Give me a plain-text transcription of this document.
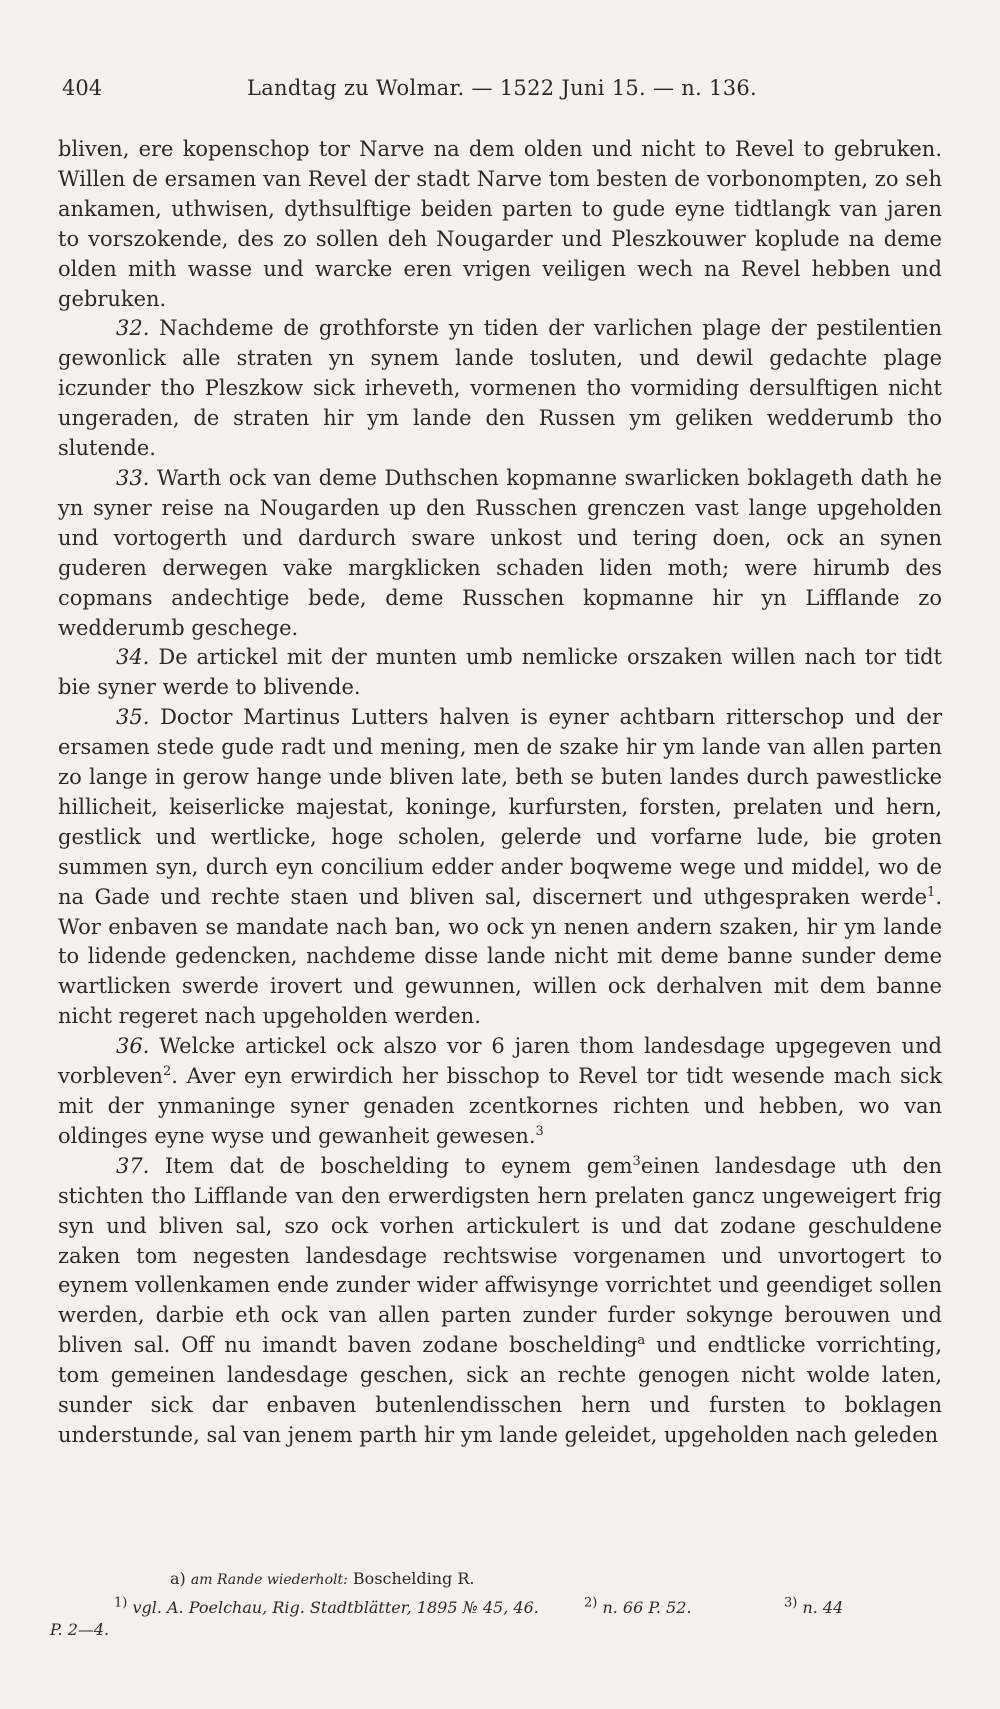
404	Landtag zu Wolmar. — 1522 Juni 15. — n. 136.

bliven, ere kopenschop tor Narve na dem olden und nicht to Revel to gebruken. Willen de ersamen van Revel der stadt Narve tom besten de vorbonompten, zo seh ankamen, uthwisen, dythsulftige beiden parten to gude eyne tidtlangk van jaren to vorszokende, des zo sollen deh Nougarder und Pleszkouwer koplude na deme olden mith wasse und warcke eren vrigen veiligen wech na Revel hebben und gebruken.

32. Nachdeme de grothforste yn tiden der varlichen plage der pestilentien gewonlick alle straten yn synem lande tosluten, und dewil gedachte plage iczunder tho Pleszkow sick irheveth, vormenen tho vormiding dersulftigen nicht ungeraden, de straten hir ym lande den Russen ym geliken wedderumb tho slutende.

33. Warth ock van deme Duthschen kopmanne swarlicken boklageth dath he yn syner reise na Nougarden up den Russchen grenczen vast lange upgeholden und vortogerth und dardurch sware unkost und tering doen, ock an synen guderen derwegen vake margklicken schaden liden moth; were hirumb des copmans andechtige bede, deme Russchen kopmanne hir yn Lifflande zo wedderumb geschege.

34. De artickel mit der munten umb nemlicke orszaken willen nach tor tidt bie syner werde to blivende.

35. Doctor Martinus Lutters halven is eyner achtbarn ritterschop und der ersamen stede gude radt und mening, men de szake hir ym lande van allen parten zo lange in gerow hange unde bliven late, beth se buten landes durch pawestlicke hillicheit, keiserlicke majestat, koninge, kurfursten, forsten, prelaten und hern, gestlick und wertlicke, hoge scholen, gelerde und vorfarne lude, bie groten summen syn, durch eyn concilium edder ander boqweme wege und middel, wo de na Gade und rechte staen und bliven sal, discernert und uthgespraken werde$^1$. Wor enbaven se mandate nach ban, wo ock yn nenen andern szaken, hir ym lande to lidende gedencken, nachdeme disse lande nicht mit deme banne sunder deme wartlicken swerde irovert und gewunnen, willen ock derhalven mit dem banne nicht regeret nach upgeholden werden.

36. Welcke artickel ock alszo vor 6 jaren thom landesdage upgegeven und vorbleven$^2$. Aver eyn erwirdich her bisschop to Revel tor tidt wesende mach sick mit der ynmaninge syner genaden zcentkornes richten und hebben, wo van oldinges eyne wyse und gewanheit gewesen.$^3$

37. Item dat de boschelding to eynem gem$^3$einen landesdage uth den stichten tho Lifflande van den erwerdigsten hern prelaten gancz ungeweigert frig syn und bliven sal, szo ock vorhen artickulert is und dat zodane geschuldene zaken tom negesten landesdage rechtswise vorgenamen und unvortogert to eynem vollenkamen ende zunder wider affwisynge vorrichtet und geendiget sollen werden, darbie eth ock van allen parten zunder furder sokynge berouwen und bliven sal. Off nu imandt baven zodane boschelding$^a$ und endtlicke vorrichting, tom gemeinen landesdage geschen, sick an rechte genogen nicht wolde laten, sunder sick dar enbaven butenlendisschen hern und fursten to boklagen understunde, sal van jenem parth hir ym lande geleidet, upgeholden nach geleden

a) am Rande wiederholt: Boschelding R.
$^{1)}$ vgl. A. Poelchau, Rig. Stadtblätter, 1895 № 45, 46.	$^{2)}$ n. 66 P. 52.	$^{3)}$ n. 44
P. 2—4.
